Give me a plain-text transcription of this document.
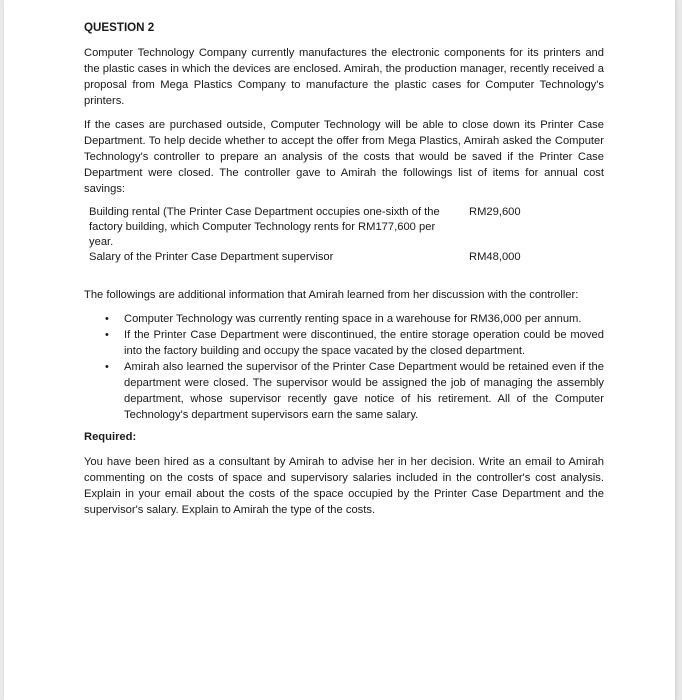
QUESTION 2

Computer Technology Company currently manufactures the electronic components for its printers and the plastic cases in which the devices are enclosed. Amirah, the production manager, recently received a proposal from Mega Plastics Company to manufacture the plastic cases for Computer Technology's printers.

If the cases are purchased outside, Computer Technology will be able to close down its Printer Case Department. To help decide whether to accept the offer from Mega Plastics, Amirah asked the Computer Technology's controller to prepare an analysis of the costs that would be saved if the Printer Case Department were closed. The controller gave to Amirah the followings list of items for annual cost savings:

Building rental (The Printer Case Department occupies one-sixth of the factory building, which Computer Technology rents for RM177,600 per year.	RM29,600
Salary of the Printer Case Department supervisor	RM48,000

The followings are additional information that Amirah learned from her discussion with the controller:

• Computer Technology was currently renting space in a warehouse for RM36,000 per annum.
• If the Printer Case Department were discontinued, the entire storage operation could be moved into the factory building and occupy the space vacated by the closed department.
• Amirah also learned the supervisor of the Printer Case Department would be retained even if the department were closed. The supervisor would be assigned the job of managing the assembly department, whose supervisor recently gave notice of his retirement. All of the Computer Technology's department supervisors earn the same salary.
Required:

You have been hired as a consultant by Amirah to advise her in her decision. Write an email to Amirah commenting on the costs of space and supervisory salaries included in the controller's cost analysis. Explain in your email about the costs of the space occupied by the Printer Case Department and the supervisor's salary. Explain to Amirah the type of the costs.
